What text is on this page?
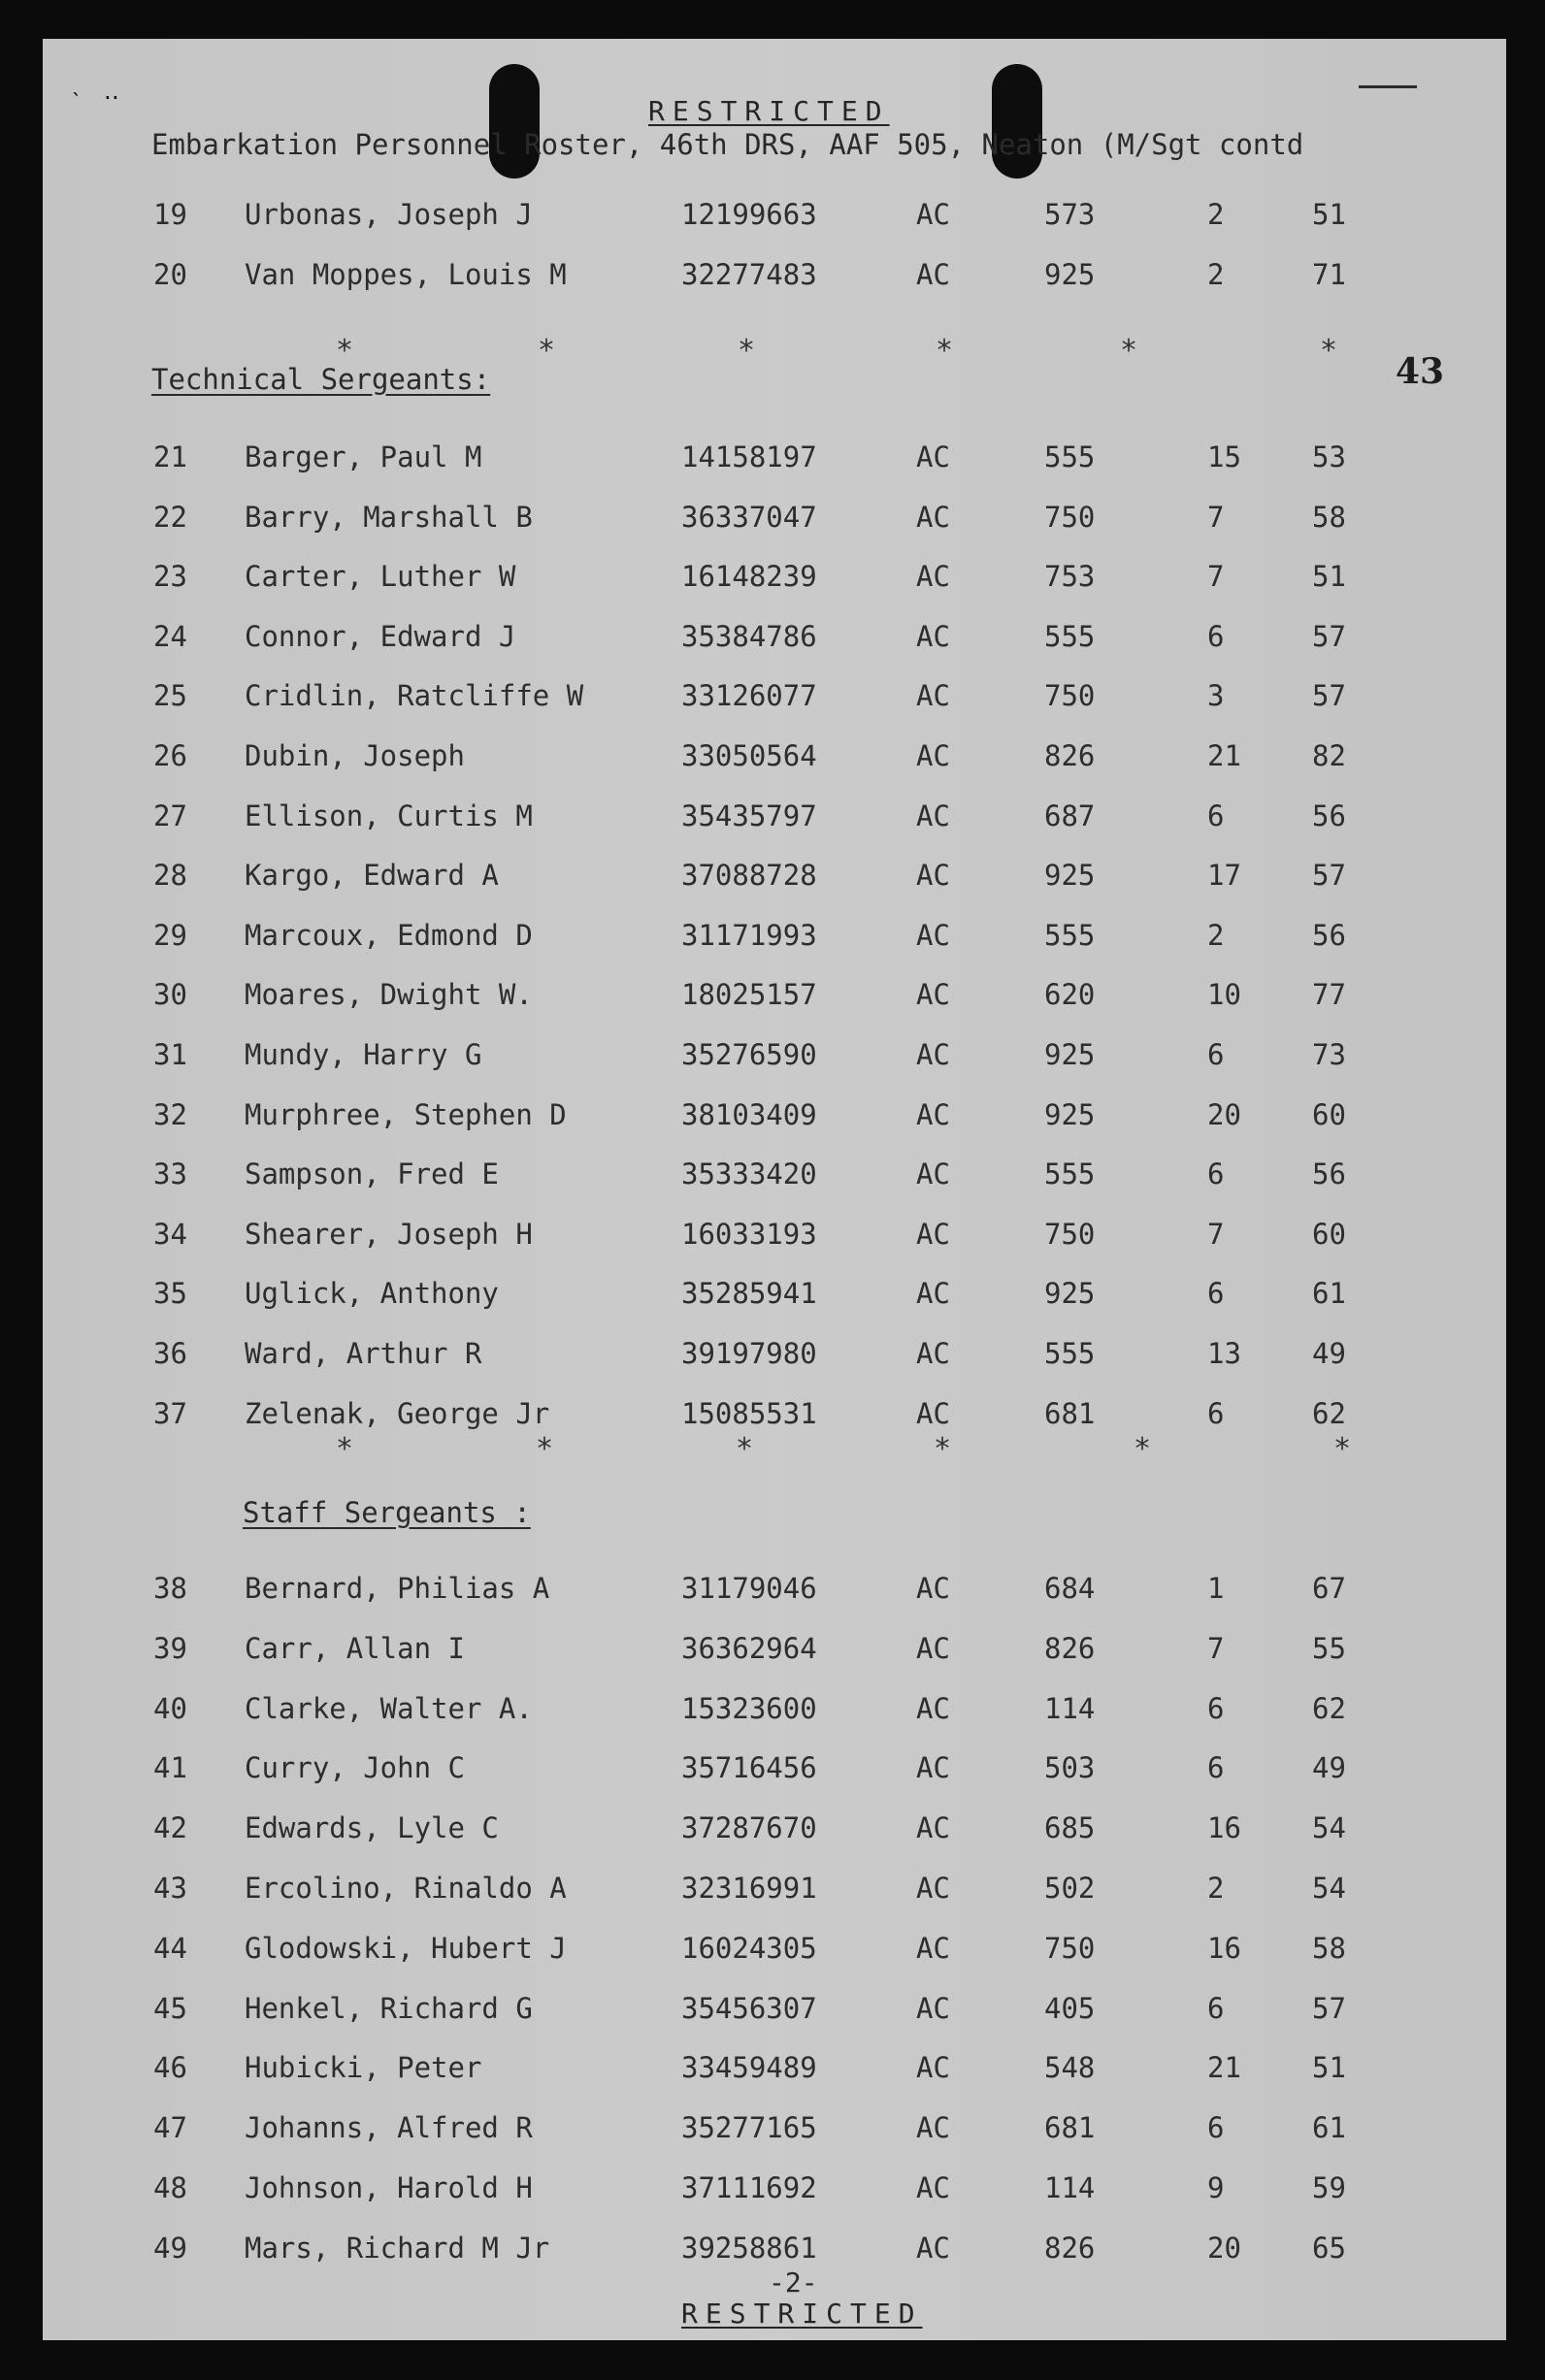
˴ ‥
RESTRICTED
Embarkation Personnel Roster, 46th DRS, AAF 505, Neaton (M/Sgt contd
43
19 Urbonas, Joseph J	12199663	AC	573	2	51
20 Van Moppes, Louis M	32277483	AC	925	2	71
*	*	*	*	*	*
Technical Sergeants:
21 Barger, Paul M	14158197	AC	555	15	53
22 Barry, Marshall B	36337047	AC	750	7	58
23 Carter, Luther W	16148239	AC	753	7	51
24 Connor, Edward J	35384786	AC	555	6	57
25 Cridlin, Ratcliffe W	33126077	AC	750	3	57
26 Dubin, Joseph	33050564	AC	826	21	82
27 Ellison, Curtis M	35435797	AC	687	6	56
28 Kargo, Edward A	37088728	AC	925	17	57
29 Marcoux, Edmond D	31171993	AC	555	2	56
30 Moares, Dwight W.	18025157	AC	620	10	77
31 Mundy, Harry G	35276590	AC	925	6	73
32 Murphree, Stephen D	38103409	AC	925	20	60
33 Sampson, Fred E	35333420	AC	555	6	56
34 Shearer, Joseph H	16033193	AC	750	7	60
35 Uglick, Anthony	35285941	AC	925	6	61
36 Ward, Arthur R	39197980	AC	555	13	49
37 Zelenak, George Jr	15085531	AC	681	6	62
*	*	*	*	*	*
Staff Sergeants :
38 Bernard, Philias A	31179046	AC	684	1	67
39 Carr, Allan I	36362964	AC	826	7	55
40 Clarke, Walter A.	15323600	AC	114	6	62
41 Curry, John C	35716456	AC	503	6	49
42 Edwards, Lyle C	37287670	AC	685	16	54
43 Ercolino, Rinaldo A	32316991	AC	502	2	54
44 Glodowski, Hubert J	16024305	AC	750	16	58
45 Henkel, Richard G	35456307	AC	405	6	57
46 Hubicki, Peter	33459489	AC	548	21	51
47 Johanns, Alfred R	35277165	AC	681	6	61
48 Johnson, Harold H	37111692	AC	114	9	59
49 Mars, Richard M Jr	39258861	AC	826	20	65
-2-
RESTRICTED
